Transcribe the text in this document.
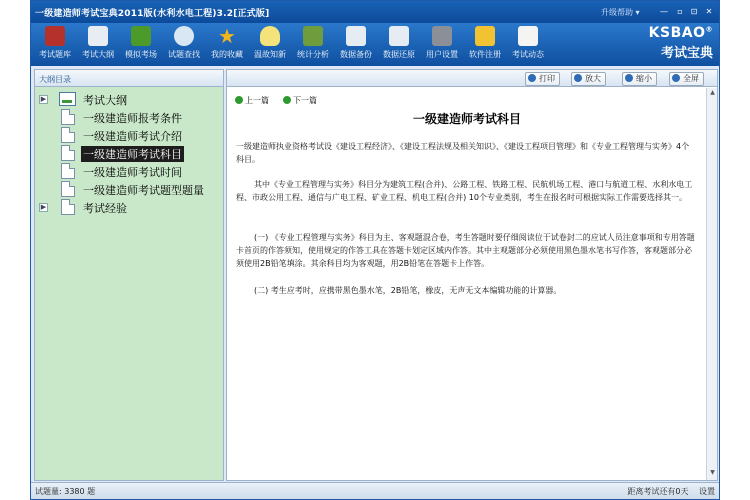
一级建造师考试宝典2011版(水利水电工程)3.2[正式版]	升级帮助 ▾	—	▫ ⊡	✕
考试题库	考试大纲	模拟考场	试题查找
★
我的收藏	温故知新	统计分析	数据备份	数据还原	用户设置	软件注册	考试动态
KSBAO®
考试宝典
大纲目录
▶	考试大纲
一级建造师报考条件
一级建造师考试介绍
一级建造师考试科目
一级建造师考试时间
一级建造师考试题型题量
▶	考试经验
打印	放大	缩小	全屏
上一篇	下一篇
一级建造师考试科目

一级建造师执业资格考试设《建设工程经济》、《建设工程法规及相关知识》、《建设工程项目管理》和《专业工程管理与实务》4个科目。

其中《专业工程管理与实务》科目分为建筑工程(合并)、公路工程、铁路工程、民航机场工程、港口与航道工程、水利水电工程、市政公用工程、通信与广电工程、矿业工程、机电工程(合并) 10个专业类别，考生在报名时可根据实际工作需要选择其一。

(一) 《专业工程管理与实务》科目为主、客观题混合卷，考生答题时要仔细阅读位于试卷封二的应试人员注意事项和专用答题卡首页的作答须知，使用规定的作答工具在答题卡划定区域内作答。其中主观题部分必须使用黑色墨水笔书写作答，客观题部分必须使用2B铅笔填涂。其余科目均为客观题，用2B铅笔在答题卡上作答。

(二) 考生应考时，应携带黑色墨水笔，2B铅笔，橡皮，无声无文本编辑功能的计算器。

▲
▼
试题量: 3380 题	距离考试还有0天 设置
